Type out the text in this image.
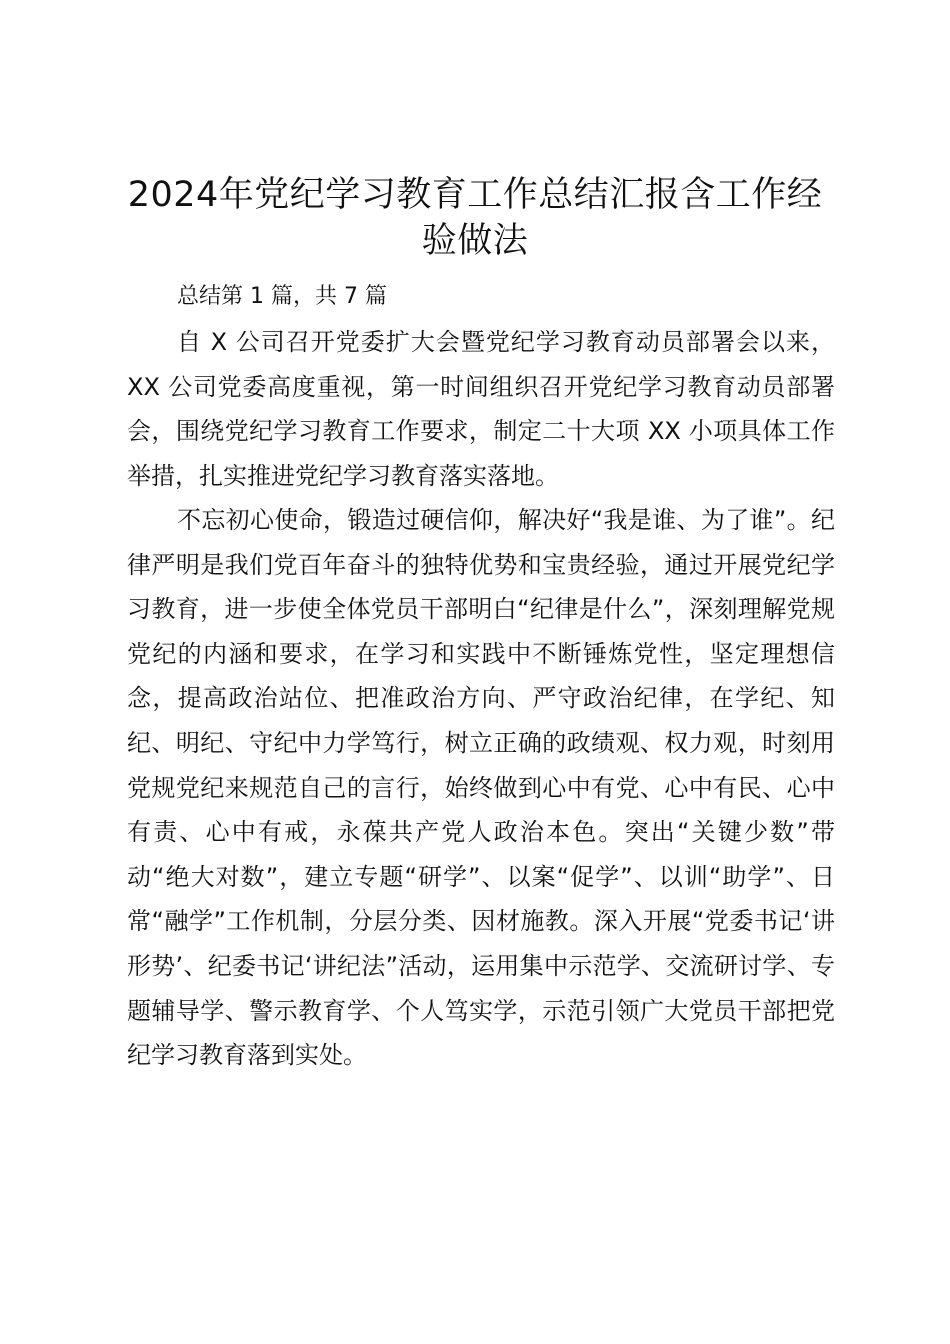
2024年党纪学习教育工作总结汇报含工作经验做法

总结第 1 篇，共 7 篇

自 X 公司召开党委扩大会暨党纪学习教育动员部署会以来，XX 公司党委高度重视，第一时间组织召开党纪学习教育动员部署会，围绕党纪学习教育工作要求，制定二十大项 XX 小项具体工作举措，扎实推进党纪学习教育落实落地。

不忘初心使命，锻造过硬信仰，解决好“我是谁、为了谁”。纪律严明是我们党百年奋斗的独特优势和宝贵经验，通过开展党纪学习教育，进一步使全体党员干部明白“纪律是什么”，深刻理解党规党纪的内涵和要求，在学习和实践中不断锤炼党性，坚定理想信念，提高政治站位、把准政治方向、严守政治纪律，在学纪、知纪、明纪、守纪中力学笃行，树立正确的政绩观、权力观，时刻用党规党纪来规范自己的言行，始终做到心中有党、心中有民、心中有责、心中有戒，永葆共产党人政治本色。突出“关键少数”带动“绝大对数”，建立专题“研学”、以案“促学”、以训“助学”、日常“融学”工作机制，分层分类、因材施教。深入开展“党委书记‘讲形势’、纪委书记‘讲纪法”活动，运用集中示范学、交流研讨学、专题辅导学、警示教育学、个人笃实学，示范引领广大党员干部把党纪学习教育落到实处。
